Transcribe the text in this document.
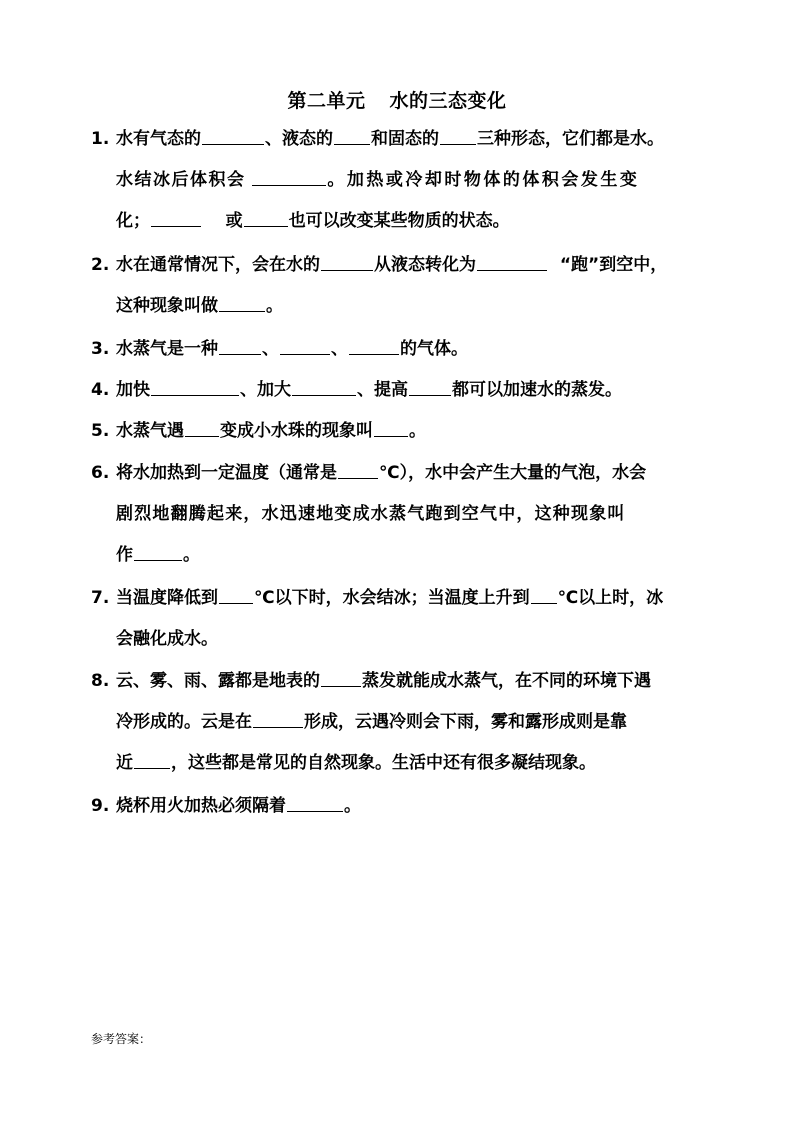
第二单元 水的三态变化
1. 水有气态的	、液态的 和固态的 三种形态，它们都是水。
水结冰后体积会	。加热或冷却时物体的体积会发生变
化；	或	也可以改变某些物质的状态。
2. 水在通常情况下，会在水的	从液态转化为	“跑”到空中，
这种现象叫做	。
3. 水蒸气是一种	、	、	的气体。
4. 加快	、加大	、提高	都可以加速水的蒸发。
5. 水蒸气遇 变成小水珠的现象叫 。
6. 将水加热到一定温度（通常是 ℃），水中会产生大量的气泡，水会
剧烈地翻腾起来，水迅速地变成水蒸气跑到空气中，这种现象叫
作	。
7. 当温度降低到 ℃以下时，水会结冰；当温度上升到 ℃以上时，冰
会融化成水。
8. 云、雾、雨、露都是地表的 蒸发就能成水蒸气，在不同的环境下遇
冷形成的。云是在	形成，云遇冷则会下雨，雾和露形成则是靠
近 ，这些都是常见的自然现象。生活中还有很多凝结现象。
9. 烧杯用火加热必须隔着	。
参考答案：
